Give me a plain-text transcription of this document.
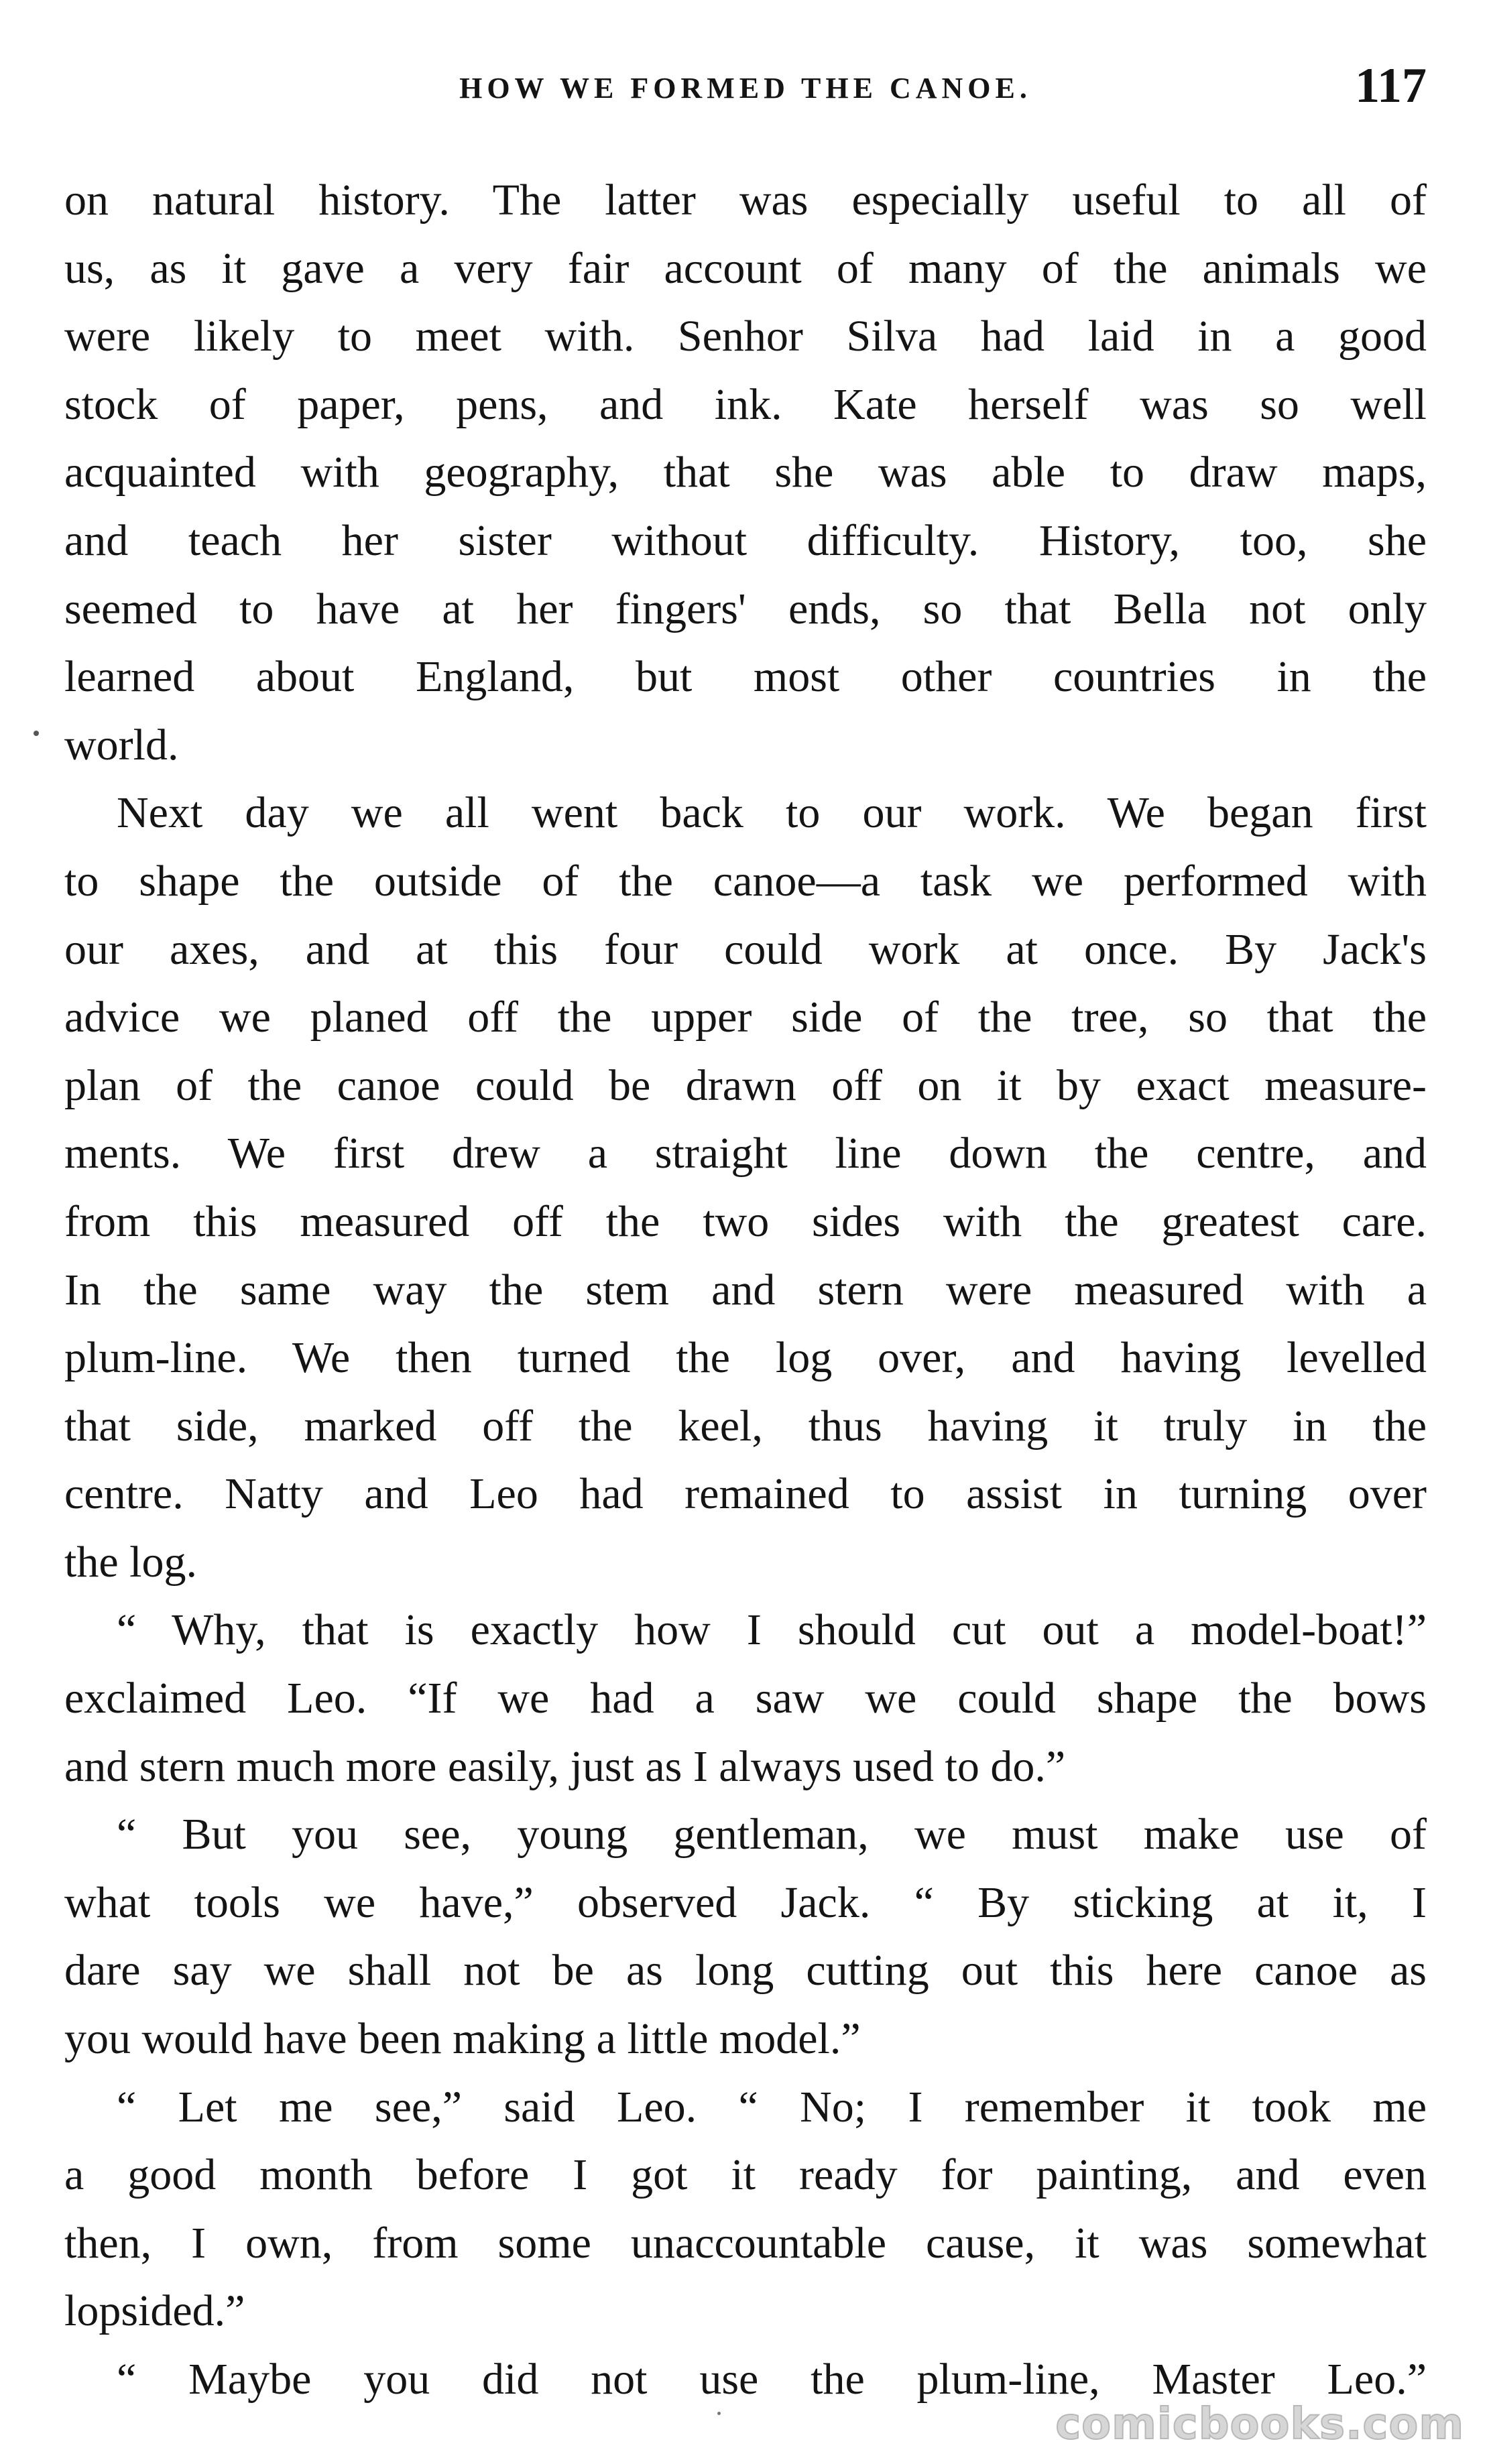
HOW WE FORMED THE CANOE.	117
on natural history. The latter was especially useful to all of
us, as it gave a very fair account of many of the animals we
were likely to meet with. Senhor Silva had laid in a good
stock of paper, pens, and ink. Kate herself was so well
acquainted with geography, that she was able to draw maps,
and teach her sister without difficulty. History, too, she
seemed to have at her fingers' ends, so that Bella not only
learned about England, but most other countries in the
world.
Next day we all went back to our work. We began first
to shape the outside of the canoe—a task we performed with
our axes, and at this four could work at once. By Jack's
advice we planed off the upper side of the tree, so that the
plan of the canoe could be drawn off on it by exact measure-
ments. We first drew a straight line down the centre, and
from this measured off the two sides with the greatest care.
In the same way the stem and stern were measured with a
plum-line. We then turned the log over, and having levelled
that side, marked off the keel, thus having it truly in the
centre. Natty and Leo had remained to assist in turning over
the log.
“ Why, that is exactly how I should cut out a model-boat!”
exclaimed Leo. “If we had a saw we could shape the bows
and stern much more easily, just as I always used to do.”
“ But you see, young gentleman, we must make use of
what tools we have,” observed Jack. “ By sticking at it, I
dare say we shall not be as long cutting out this here canoe as
you would have been making a little model.”
“ Let me see,” said Leo. “ No; I remember it took me
a good month before I got it ready for painting, and even
then, I own, from some unaccountable cause, it was somewhat
lopsided.”
“ Maybe you did not use the plum-line, Master Leo.”
comicbooks.com
